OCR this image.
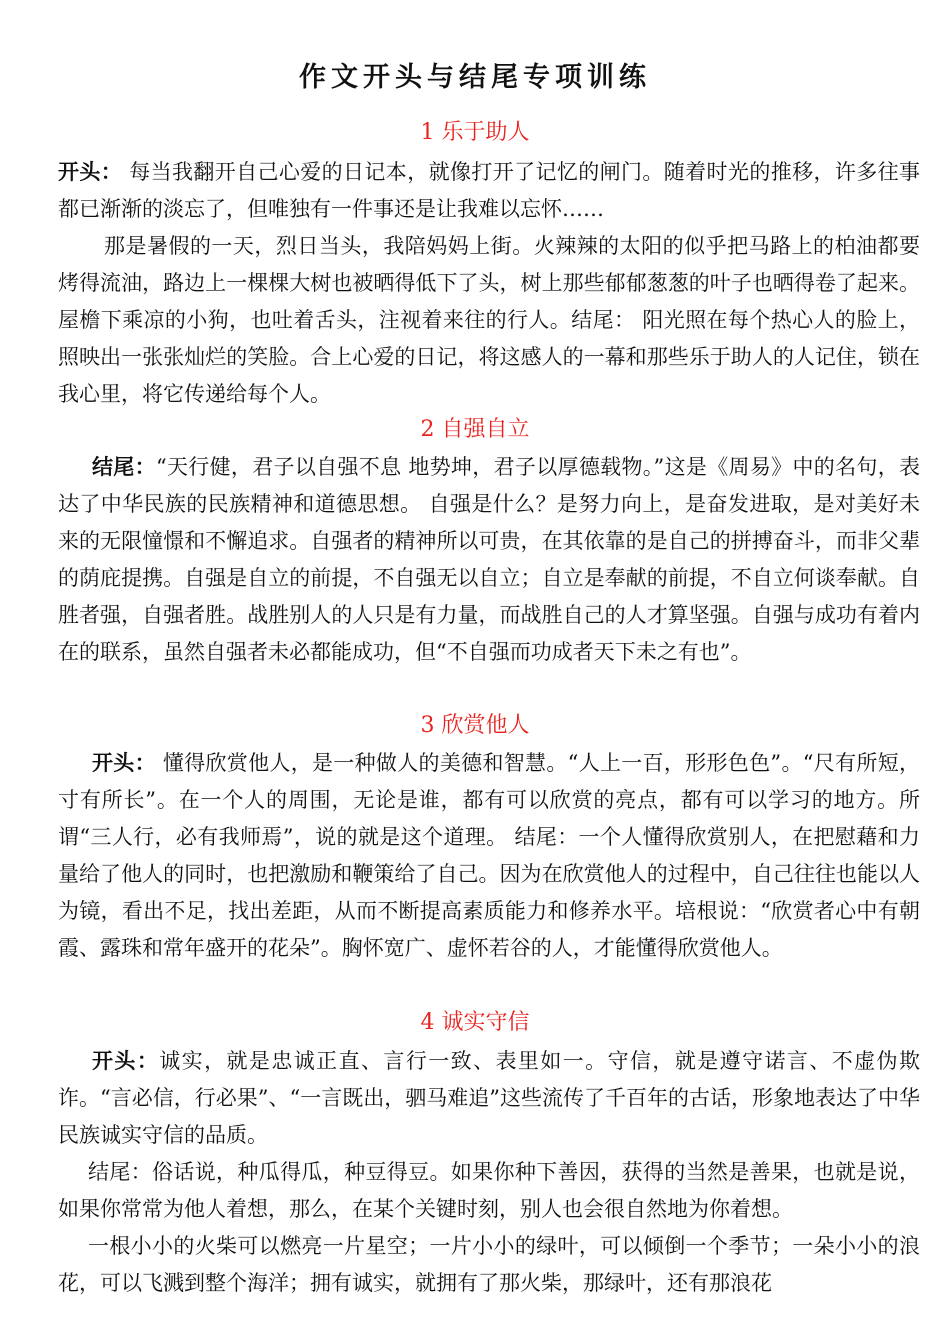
作文开头与结尾专项训练
1 乐于助人

开头： 每当我翻开自己心爱的日记本，就像打开了记忆的闸门。随着时光的推移，许多往事都已渐渐的淡忘了，但唯独有一件事还是让我难以忘怀……

那是暑假的一天，烈日当头，我陪妈妈上街。火辣辣的太阳的似乎把马路上的柏油都要烤得流油，路边上一棵棵大树也被晒得低下了头，树上那些郁郁葱葱的叶子也晒得卷了起来。屋檐下乘凉的小狗，也吐着舌头，注视着来往的行人。结尾： 阳光照在每个热心人的脸上，照映出一张张灿烂的笑脸。合上心爱的日记，将这感人的一幕和那些乐于助人的人记住，锁在我心里，将它传递给每个人。

2 自强自立

结尾：“天行健，君子以自强不息 地势坤，君子以厚德载物。”这是《周易》中的名句，表达了中华民族的民族精神和道德思想。 自强是什么？是努力向上，是奋发进取，是对美好未来的无限憧憬和不懈追求。自强者的精神所以可贵，在其依靠的是自己的拼搏奋斗，而非父辈的荫庇提携。自强是自立的前提，不自强无以自立；自立是奉献的前提，不自立何谈奉献。自胜者强，自强者胜。战胜别人的人只是有力量，而战胜自己的人才算坚强。自强与成功有着内在的联系，虽然自强者未必都能成功，但“不自强而功成者天下未之有也”。

3 欣赏他人

开头： 懂得欣赏他人，是一种做人的美德和智慧。“人上一百，形形色色”。“尺有所短，寸有所长”。在一个人的周围，无论是谁，都有可以欣赏的亮点，都有可以学习的地方。所谓“三人行，必有我师焉”，说的就是这个道理。 结尾：一个人懂得欣赏别人，在把慰藉和力量给了他人的同时，也把激励和鞭策给了自己。因为在欣赏他人的过程中，自己往往也能以人为镜，看出不足，找出差距，从而不断提高素质能力和修养水平。培根说：“欣赏者心中有朝霞、露珠和常年盛开的花朵”。胸怀宽广、虚怀若谷的人，才能懂得欣赏他人。

4 诚实守信

开头：诚实，就是忠诚正直、言行一致、表里如一。守信，就是遵守诺言、不虚伪欺诈。“言必信，行必果”、“一言既出，驷马难追”这些流传了千百年的古话，形象地表达了中华民族诚实守信的品质。

结尾：俗话说，种瓜得瓜，种豆得豆。如果你种下善因，获得的当然是善果，也就是说，如果你常常为他人着想，那么，在某个关键时刻，别人也会很自然地为你着想。

一根小小的火柴可以燃亮一片星空；一片小小的绿叶，可以倾倒一个季节；一朵小小的浪花，可以飞溅到整个海洋；拥有诚实，就拥有了那火柴，那绿叶，还有那浪花
